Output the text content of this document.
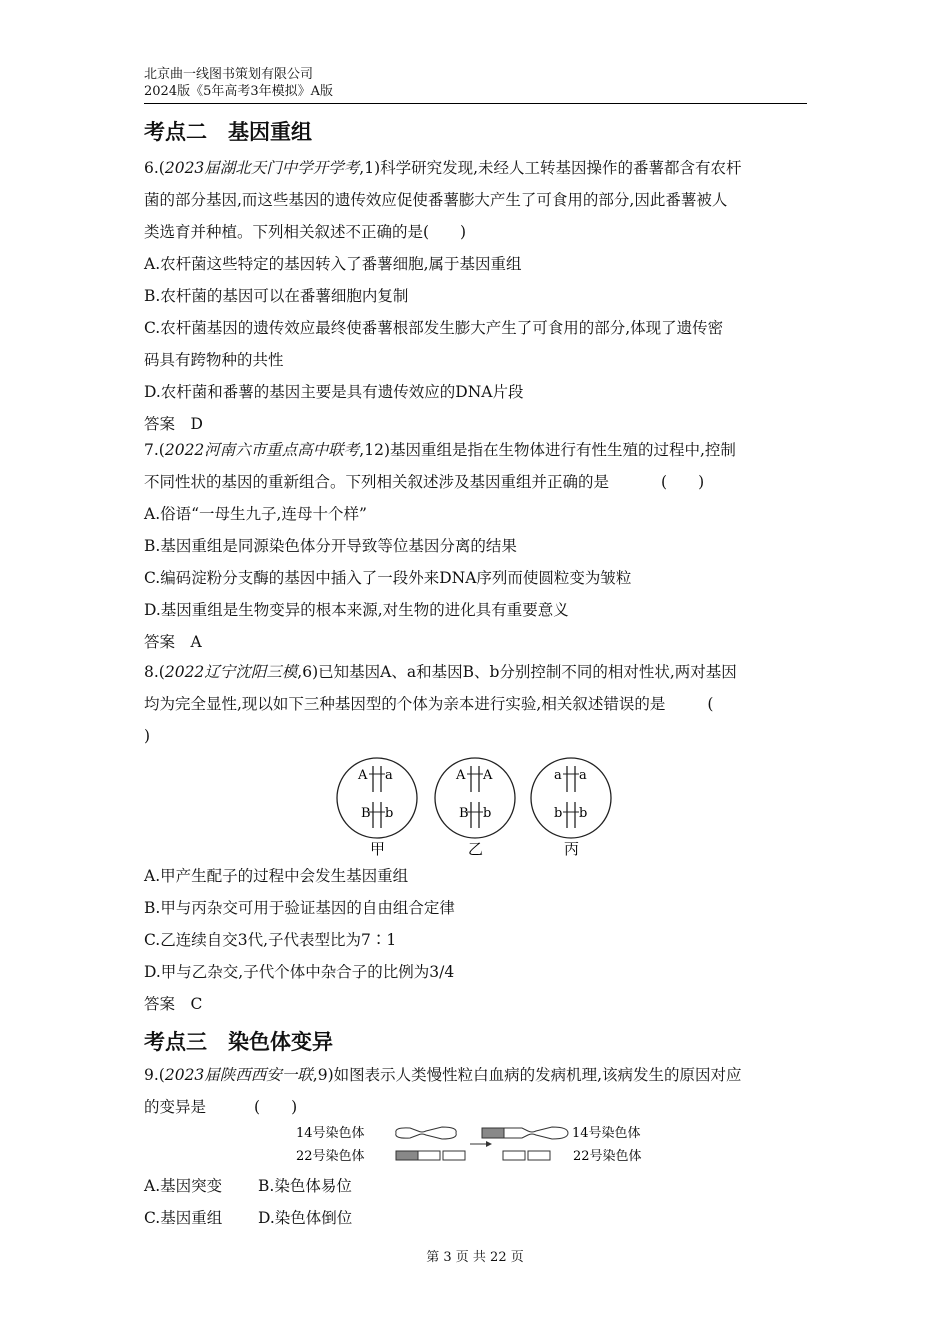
北京曲一线图书策划有限公司
2024版《5年高考3年模拟》A版
考点二　基因重组
6.(2023届湖北天门中学开学考,1)科学研究发现,未经人工转基因操作的番薯都含有农杆
菌的部分基因,而这些基因的遗传效应促使番薯膨大产生了可食用的部分,因此番薯被人
类选育并种植。下列相关叙述不正确的是(　　)
A.农杆菌这些特定的基因转入了番薯细胞,属于基因重组
B.农杆菌的基因可以在番薯细胞内复制
C.农杆菌基因的遗传效应最终使番薯根部发生膨大产生了可食用的部分,体现了遗传密
码具有跨物种的共性
D.农杆菌和番薯的基因主要是具有遗传效应的DNA片段
答案　D
7.(2022河南六市重点高中联考,12)基因重组是指在生物体进行有性生殖的过程中,控制
不同性状的基因的重新组合。下列相关叙述涉及基因重组并正确的是	(　　)
A.俗语“一母生九子,连母十个样”
B.基因重组是同源染色体分开导致等位基因分离的结果
C.编码淀粉分支酶的基因中插入了一段外来DNA序列而使圆粒变为皱粒
D.基因重组是生物变异的根本来源,对生物的进化具有重要意义
答案　A
8.(2022辽宁沈阳三模,6)已知基因A、a和基因B、b分别控制不同的相对性状,两对基因
均为完全显性,现以如下三种基因型的个体为亲本进行实验,相关叙述错误的是	(
)
A a
B b
甲
A A
B b
乙
a a
b b
丙
A.甲产生配子的过程中会发生基因重组
B.甲与丙杂交可用于验证基因的自由组合定律
C.乙连续自交3代,子代表型比为7∶1
D.甲与乙杂交,子代个体中杂合子的比例为3/4
答案　C
考点三　染色体变异
9.(2023届陕西西安一联,9)如图表示人类慢性粒白血病的发病机理,该病发生的原因对应
的变异是	(　　)
14号染色体
22号染色体
14号染色体
22号染色体
A.基因突变 B.染色体易位
C.基因重组 D.染色体倒位
第 3 页 共 22 页
